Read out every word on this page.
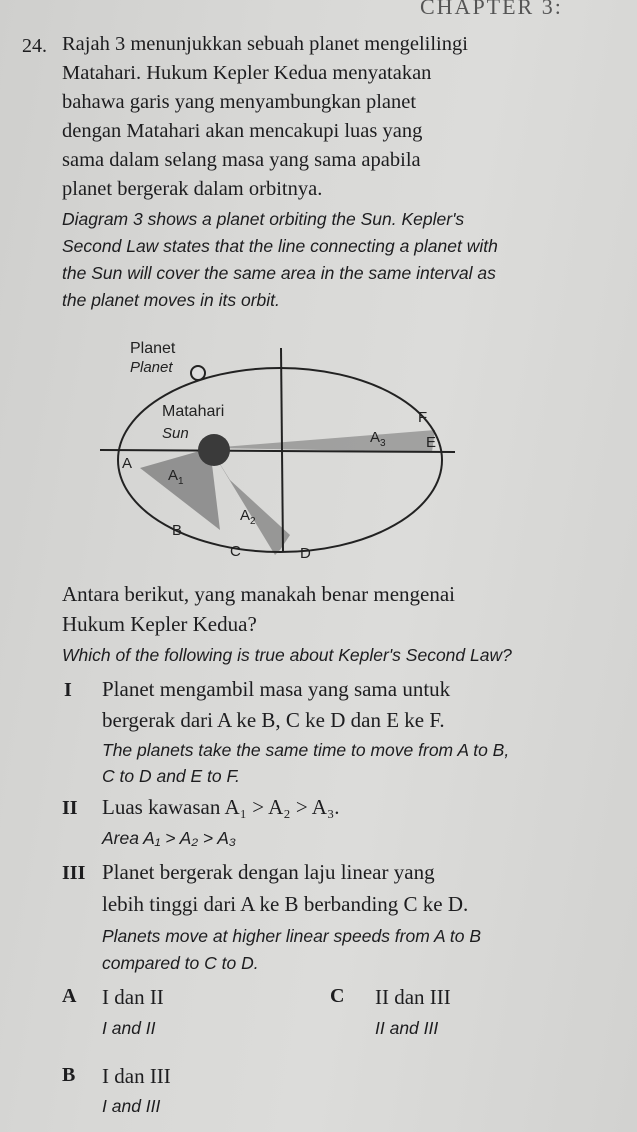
CHAPTER 3:
24. Rajah 3 menunjukkan sebuah planet mengelilingi
Matahari. Hukum Kepler Kedua menyatakan
bahawa garis yang menyambungkan planet
dengan Matahari akan mencakupi luas yang
sama dalam selang masa yang sama apabila
planet bergerak dalam orbitnya.
Diagram 3 shows a planet orbiting the Sun. Kepler's
Second Law states that the line connecting a planet with
the Sun will cover the same area in the same interval as
the planet moves in its orbit.
Planet
Planet
Matahari
Sun
A
B
C	D
E
F
$A_1$
$A_2$
$A_3$
Antara berikut, yang manakah benar mengenai
Hukum Kepler Kedua?
Which of the following is true about Kepler's Second Law?
I Planet mengambil masa yang sama untuk
bergerak dari A ke B, C ke D dan E ke F.
The planets take the same time to move from A to B,
C to D and E to F.
II Luas kawasan A₁ > A₂ > A₃.
Area A₁ > A₂ > A₃
III Planet bergerak dengan laju linear yang
lebih tinggi dari A ke B berbanding C ke D.
Planets move at higher linear speeds from A to B
compared to C to D.
A I dan II
I and II
C II dan III
II and III
B I dan III
I and III
